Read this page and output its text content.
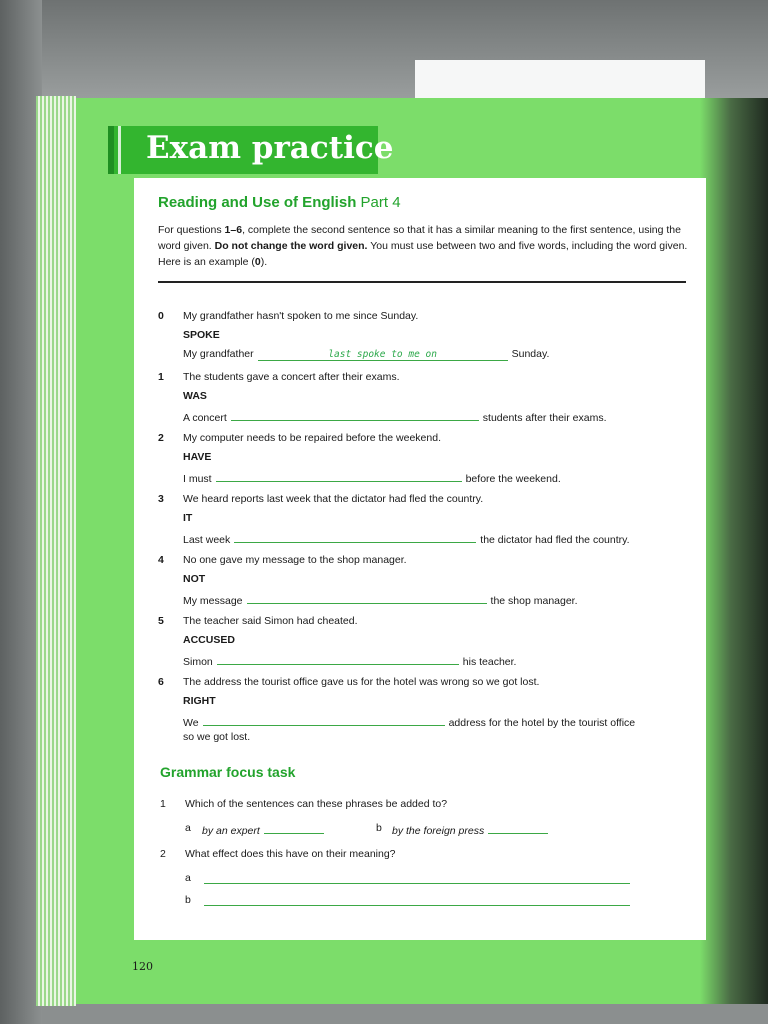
Exam practice
Reading and Use of English Part 4

For questions 1–6, complete the second sentence so that it has a similar meaning to the first sentence, using the word given. Do not change the word given. You must use between two and five words, including the word given. Here is an example (0).

0 My grandfather hasn't spoken to me since Sunday.
SPOKE
My grandfather	last spoke to me on	Sunday.
1 The students gave a concert after their exams.
WAS
A concert	students after their exams.
2 My computer needs to be repaired before the weekend.
HAVE
I must	before the weekend.
3 We heard reports last week that the dictator had fled the country.
IT
Last week	the dictator had fled the country.
4 No one gave my message to the shop manager.
NOT
My message	the shop manager.
5 The teacher said Simon had cheated.
ACCUSED
Simon	his teacher.
6 The address the tourist office gave us for the hotel was wrong so we got lost.
RIGHT
We	address for the hotel by the tourist office
so we got lost.
Grammar focus task
1 Which of the sentences can these phrases be added to?
a by an expert	b by the foreign press
2 What effect does this have on their meaning?
a
b
120
